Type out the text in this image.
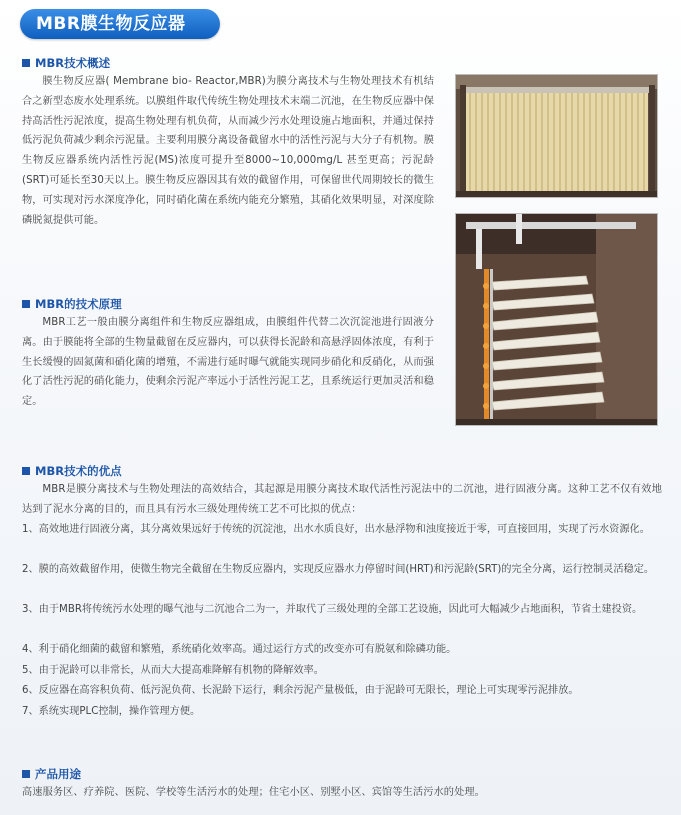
MBR膜生物反应器
MBR技术概述

膜生物反应器( Membrane bio- Reactor,MBR)为膜分离技术与生物处理技术有机结合之新型态废水处理系统。以膜组件取代传统生物处理技术末端二沉池，在生物反应器中保持高活性污泥浓度，提高生物处理有机负荷，从而减少污水处理设施占地面积，并通过保持低污泥负荷减少剩余污泥量。主要利用膜分离设备截留水中的活性污泥与大分子有机物。膜生物反应器系统内活性污泥(MS)浓度可提升至8000~10,000mg/L 甚至更高；污泥龄(SRT)可延长至30天以上。膜生物反应器因其有效的截留作用，可保留世代周期较长的微生物，可实现对污水深度净化，同时硝化菌在系统内能充分繁殖，其硝化效果明显，对深度除磷脱氮提供可能。

MBR的技术原理

MBR工艺一般由膜分离组件和生物反应器组成，由膜组件代替二次沉淀池进行固液分离。由于膜能将全部的生物量截留在反应器内，可以获得长泥龄和高悬浮固体浓度，有利于生长缓慢的固氮菌和硝化菌的增殖，不需进行延时曝气就能实现同步硝化和反硝化，从而强化了活性污泥的硝化能力，使剩余污泥产率远小于活性污泥工艺，且系统运行更加灵活和稳定。

MBR技术的优点

MBR是膜分离技术与生物处理法的高效结合，其起源是用膜分离技术取代活性污泥法中的二沉池，进行固液分离。这种工艺不仅有效地达到了泥水分离的目的，而且具有污水三级处理传统工艺不可比拟的优点：

1、高效地进行固液分离，其分离效果远好于传统的沉淀池，出水水质良好，出水悬浮物和浊度接近于零，可直接回用，实现了污水资源化。

2、膜的高效截留作用，使微生物完全截留在生物反应器内，实现反应器水力停留时间(HRT)和污泥龄(SRT)的完全分离，运行控制灵活稳定。

3、由于MBR将传统污水处理的曝气池与二沉池合二为一，并取代了三级处理的全部工艺设施，因此可大幅减少占地面积，节省土建投资。

4、利于硝化细菌的截留和繁殖，系统硝化效率高。通过运行方式的改变亦可有脱氨和除磷功能。

5、由于泥龄可以非常长，从而大大提高难降解有机物的降解效率。

6、反应器在高容积负荷、低污泥负荷、长泥龄下运行，剩余污泥产量极低，由于泥龄可无限长，理论上可实现零污泥排放。

7、系统实现PLC控制，操作管理方便。

产品用途

高速服务区、疗养院、医院、学校等生活污水的处理；住宅小区、别墅小区、宾馆等生活污水的处理。
